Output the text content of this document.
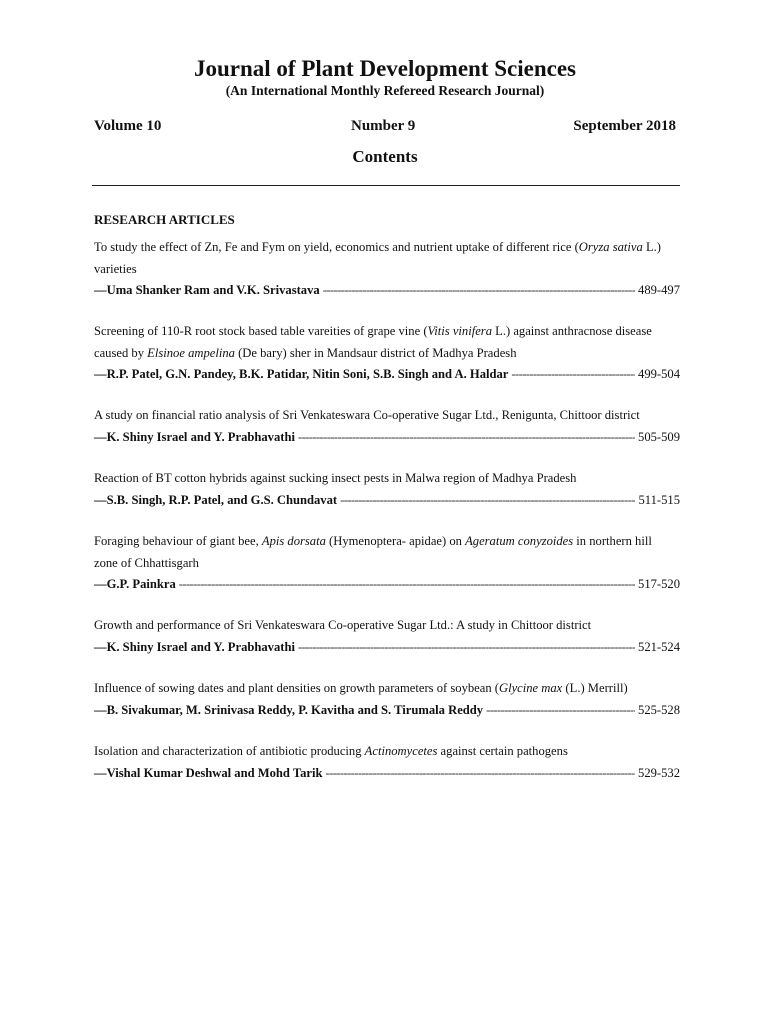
Journal of Plant Development Sciences
(An International Monthly Refereed Research Journal)
Volume 10	Number 9	September 2018
Contents
RESEARCH ARTICLES
To study the effect of Zn, Fe and Fym on yield, economics and nutrient uptake of different rice (Oryza sativa L.)
varieties
—Uma Shanker Ram and V.K. Srivastava -----	489-497
Screening of 110-R root stock based table vareities of grape vine (Vitis vinifera L.) against anthracnose disease
caused by Elsinoe ampelina (De bary) sher in Mandsaur district of Madhya Pradesh
—R.P. Patel, G.N. Pandey, B.K. Patidar, Nitin Soni, S.B. Singh and A. Haldar -----	499-504
A study on financial ratio analysis of Sri Venkateswara Co-operative Sugar Ltd., Renigunta, Chittoor district
—K. Shiny Israel and Y. Prabhavathi -----	505-509
Reaction of BT cotton hybrids against sucking insect pests in Malwa region of Madhya Pradesh
—S.B. Singh, R.P. Patel, and G.S. Chundavat -----	511-515
Foraging behaviour of giant bee, Apis dorsata (Hymenoptera- apidae) on Ageratum conyzoides in northern hill
zone of Chhattisgarh
—G.P. Painkra -----	517-520
Growth and performance of Sri Venkateswara Co-operative Sugar Ltd.: A study in Chittoor district
—K. Shiny Israel and Y. Prabhavathi -----	521-524
Influence of sowing dates and plant densities on growth parameters of soybean (Glycine max (L.) Merrill)
—B. Sivakumar, M. Srinivasa Reddy, P. Kavitha and S. Tirumala Reddy -----	525-528
Isolation and characterization of antibiotic producing Actinomycetes against certain pathogens
—Vishal Kumar Deshwal and Mohd Tarik -----	529-532
